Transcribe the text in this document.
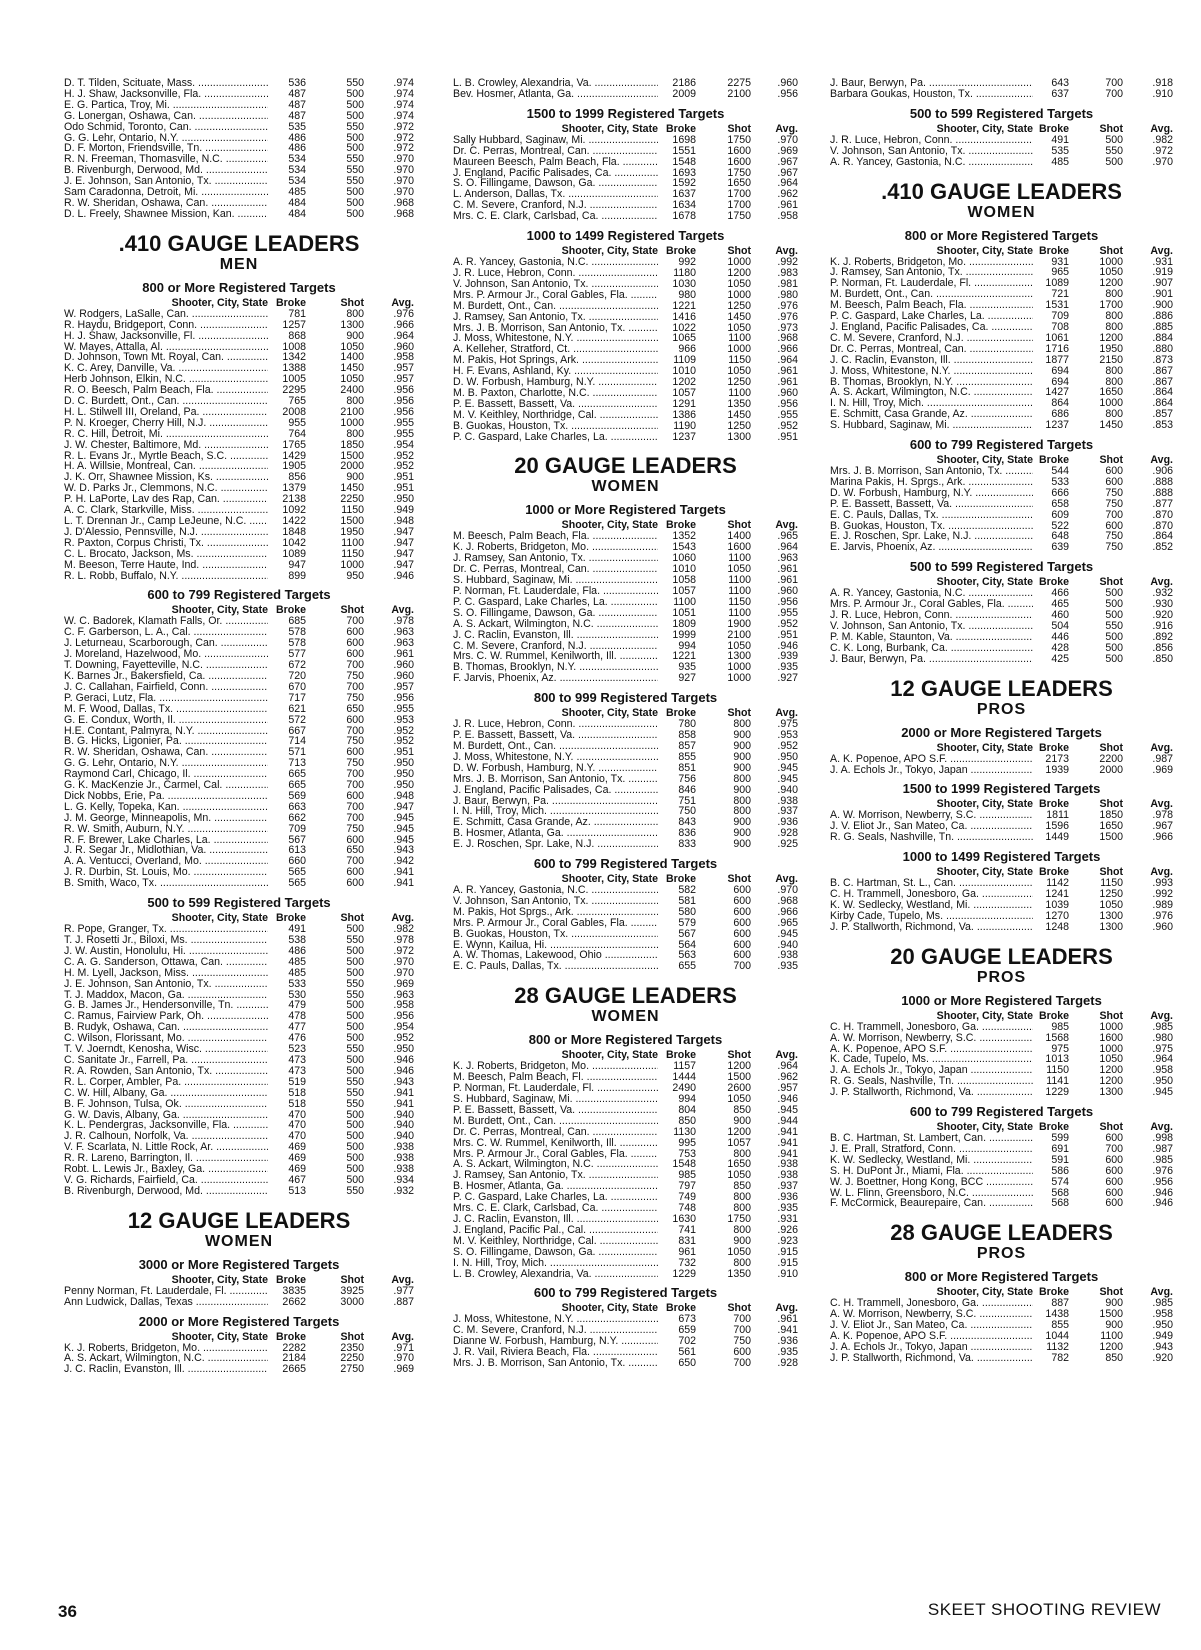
D. T. Tilden, Scituate, Mass. .....	536	550	.974
H. J. Shaw, Jacksonville, Fla. .....	487	500	.974
E. G. Partica, Troy, Mi. .....	487	500	.974
G. Lonergan, Oshawa, Can. .....	487	500	.974
Odo Schmid, Toronto, Can. .....	535	550	.972
G. G. Lehr, Ontario, N.Y. .....	486	500	.972
D. F. Morton, Friendsville, Tn. .....	486	500	.972
R. N. Freeman, Thomasville, N.C. .....	534	550	.970
B. Rivenburgh, Derwood, Md. .....	534	550	.970
J. E. Johnson, San Antonio, Tx. .....	534	550	.970
Sam Caradonna, Detroit, Mi. .....	485	500	.970
R. W. Sheridan, Oshawa, Can. .....	484	500	.968
D. L. Freely, Shawnee Mission, Kan. .....	484	500	.968
.410 GAUGE LEADERS
MEN
800 or More Registered Targets
Shooter, City, State Broke	Shot	Avg.
W. Rodgers, LaSalle, Can. .....	781	800	.976
R. Haydu, Bridgeport, Conn. .....	1257	1300	.966
H. J. Shaw, Jacksonville, Fl. .....	868	900	.964
W. Mayes, Attalla, Al. .....	1008	1050	.960
D. Johnson, Town Mt. Royal, Can. .....	1342	1400	.958
K. C. Arey, Danville, Va. .....	1388	1450	.957
Herb Johnson, Elkin, N.C. .....	1005	1050	.957
R. O. Beesch, Palm Beach, Fla. .....	2295	2400	.956
D. C. Burdett, Ont., Can. .....	765	800	.956
H. L. Stilwell III, Oreland, Pa. .....	2008	2100	.956
P. N. Kroeger, Cherry Hill, N.J. .....	955	1000	.955
R. C. Hill, Detroit, Mi. .....	764	800	.955
J. W. Chester, Baltimore, Md. .....	1765	1850	.954
R. L. Evans Jr., Myrtle Beach, S.C. .....	1429	1500	.952
H. A. Willsie, Montreal, Can. .....	1905	2000	.952
J. K. Orr, Shawnee Mission, Ks. .....	856	900	.951
W. D. Parks Jr., Clemmons, N.C. .....	1379	1450	.951
P. H. LaPorte, Lav des Rap, Can. .....	2138	2250	.950
A. C. Clark, Starkville, Miss. .....	1092	1150	.949
L. T. Drennan Jr., Camp LeJeune, N.C. .....	1422	1500	.948
J. D'Alessio, Pennsville, N.J. .....	1848	1950	.947
R. Paxton, Corpus Christi, Tx. .....	1042	1100	.947
C. L. Brocato, Jackson, Ms. .....	1089	1150	.947
M. Beeson, Terre Haute, Ind. .....	947	1000	.947
R. L. Robb, Buffalo, N.Y. .....	899	950	.946
600 to 799 Registered Targets
Shooter, City, State Broke	Shot	Avg.
W. C. Badorek, Klamath Falls, Or. .....	685	700	.978
C. F. Garberson, L. A., Cal. .....	578	600	.963
J. Leturneau, Scarborough, Can. .....	578	600	.963
J. Moreland, Hazelwood, Mo. .....	577	600	.961
T. Downing, Fayetteville, N.C. .....	672	700	.960
K. Barnes Jr., Bakersfield, Ca. .....	720	750	.960
J. C. Callahan, Fairfield, Conn. .....	670	700	.957
P. Geraci, Lutz, Fla. .....	717	750	.956
M. F. Wood, Dallas, Tx. .....	621	650	.955
G. E. Condux, Worth, Il. .....	572	600	.953
H.E. Contant, Palmyra, N.Y. .....	667	700	.952
B. G. Hicks, Ligonier, Pa. .....	714	750	.952
R. W. Sheridan, Oshawa, Can. .....	571	600	.951
G. G. Lehr, Ontario, N.Y. .....	713	750	.950
Raymond Carl, Chicago, Il. .....	665	700	.950
G. K. MacKenzie Jr., Carmel, Cal. .....	665	700	.950
Dick Nobbs, Erie, Pa. .....	569	600	.948
L. G. Kelly, Topeka, Kan. .....	663	700	.947
J. M. George, Minneapolis, Mn. .....	662	700	.945
R. W. Smith, Auburn, N.Y. .....	709	750	.945
R. F. Brewer, Lake Charles, La. .....	567	600	.945
J. R. Segar Jr., Midlothian, Va. .....	613	650	.943
A. A. Ventucci, Overland, Mo. .....	660	700	.942
J. R. Durbin, St. Louis, Mo. .....	565	600	.941
B. Smith, Waco, Tx. .....	565	600	.941
500 to 599 Registered Targets
Shooter, City, State Broke	Shot	Avg.
R. Pope, Granger, Tx. .....	491	500	.982
T. J. Rosetti Jr., Biloxi, Ms. .....	538	550	.978
J. W. Austin, Honolulu, Hi. .....	486	500	.972
C. A. G. Sanderson, Ottawa, Can. .....	485	500	.970
H. M. Lyell, Jackson, Miss. .....	485	500	.970
J. E. Johnson, San Antonio, Tx. .....	533	550	.969
T. J. Maddox, Macon, Ga. .....	530	550	.963
G. B. James Jr., Hendersonville, Tn. .....	479	500	.958
C. Ramus, Fairview Park, Oh. .....	478	500	.956
B. Rudyk, Oshawa, Can. .....	477	500	.954
C. Wilson, Florissant, Mo. .....	476	500	.952
T. V. Joerndt, Kenosha, Wisc. .....	523	550	.950
C. Sanitate Jr., Farrell, Pa. .....	473	500	.946
R. A. Rowden, San Antonio, Tx. .....	473	500	.946
R. L. Corper, Ambler, Pa. .....	519	550	.943
C. W. Hill, Albany, Ga. .....	518	550	.941
B. F. Johnson, Tulsa, Ok. .....	518	550	.941
G. W. Davis, Albany, Ga. .....	470	500	.940
K. L. Pendergras, Jacksonville, Fla. .....	470	500	.940
J. R. Calhoun, Norfolk, Va. .....	470	500	.940
V. F. Scarlata, N. Little Rock, Ar. .....	469	500	.938
R. R. Lareno, Barrington, Il. .....	469	500	.938
Robt. L. Lewis Jr., Baxley, Ga. .....	469	500	.938
V. G. Richards, Fairfield, Ca. .....	467	500	.934
B. Rivenburgh, Derwood, Md. .....	513	550	.932
12 GAUGE LEADERS
WOMEN
3000 or More Registered Targets
Shooter, City, State Broke	Shot	Avg.
Penny Norman, Ft. Lauderdale, Fl. .....	3835	3925	.977
Ann Ludwick, Dallas, Texas .....	2662	3000	.887
2000 or More Registered Targets
Shooter, City, State Broke	Shot	Avg.
K. J. Roberts, Bridgeton, Mo. .....	2282	2350	.971
A. S. Ackart, Wilmington, N.C. .....	2184	2250	.970
J. C. Raclin, Evanston, Ill. .....	2665	2750	.969
L. B. Crowley, Alexandria, Va. .....	2186	2275	.960
Bev. Hosmer, Atlanta, Ga. .....	2009	2100	.956
1500 to 1999 Registered Targets
Shooter, City, State Broke	Shot	Avg.
Sally Hubbard, Saginaw, Mi. .....	1698	1750	.970
Dr. C. Perras, Montreal, Can. .....	1551	1600	.969
Maureen Beesch, Palm Beach, Fla. .....	1548	1600	.967
J. England, Pacific Palisades, Ca. .....	1693	1750	.967
S. O. Fillingame, Dawson, Ga. .....	1592	1650	.964
L. Anderson, Dallas, Tx. .....	1637	1700	.962
C. M. Severe, Cranford, N.J. .....	1634	1700	.961
Mrs. C. E. Clark, Carlsbad, Ca. .....	1678	1750	.958
1000 to 1499 Registered Targets
Shooter, City, State Broke	Shot	Avg.
A. R. Yancey, Gastonia, N.C. .....	992	1000	.992
J. R. Luce, Hebron, Conn. .....	1180	1200	.983
V. Johnson, San Antonio, Tx. .....	1030	1050	.981
Mrs. P. Armour Jr., Coral Gables, Fla. .....	980	1000	.980
M. Burdett, Ont., Can. .....	1221	1250	.976
J. Ramsey, San Antonio, Tx. .....	1416	1450	.976
Mrs. J. B. Morrison, San Antonio, Tx. .....	1022	1050	.973
J. Moss, Whitestone, N.Y. .....	1065	1100	.968
A. Kelleher, Stratford, Ct. .....	966	1000	.966
M. Pakis, Hot Springs, Ark. .....	1109	1150	.964
H. F. Evans, Ashland, Ky. .....	1010	1050	.961
D. W. Forbush, Hamburg, N.Y. .....	1202	1250	.961
M. B. Paxton, Charlotte, N.C. .....	1057	1100	.960
P. E. Bassett, Bassett, Va. .....	1291	1350	.956
M. V. Keithley, Northridge, Cal. .....	1386	1450	.955
B. Guokas, Houston, Tx. .....	1190	1250	.952
P. C. Gaspard, Lake Charles, La. .....	1237	1300	.951
20 GAUGE LEADERS
WOMEN
1000 or More Registered Targets
Shooter, City, State Broke	Shot	Avg.
M. Beesch, Palm Beach, Fla. .....	1352	1400	.965
K. J. Roberts, Bridgeton, Mo. .....	1543	1600	.964
J. Ramsey, San Antonio, Tx. .....	1060	1100	.963
Dr. C. Perras, Montreal, Can. .....	1010	1050	.961
S. Hubbard, Saginaw, Mi. .....	1058	1100	.961
P. Norman, Ft. Lauderdale, Fla. .....	1057	1100	.960
P. C. Gaspard, Lake Charles, La. .....	1100	1150	.956
S. O. Fillingame, Dawson, Ga. .....	1051	1100	.955
A. S. Ackart, Wilmington, N.C. .....	1809	1900	.952
J. C. Raclin, Evanston, Ill. .....	1999	2100	.951
C. M. Severe, Cranford, N.J. .....	994	1050	.946
Mrs. C. W. Rummel, Kenilworth, Ill. .....	1221	1300	.939
B. Thomas, Brooklyn, N.Y. .....	935	1000	.935
F. Jarvis, Phoenix, Az. .....	927	1000	.927
800 to 999 Registered Targets
Shooter, City, State Broke	Shot	Avg.
J. R. Luce, Hebron, Conn. .....	780	800	.975
P. E. Bassett, Bassett, Va. .....	858	900	.953
M. Burdett, Ont., Can. .....	857	900	.952
J. Moss, Whitestone, N.Y. .....	855	900	.950
D. W. Forbush, Hamburg, N.Y. .....	851	900	.945
Mrs. J. B. Morrison, San Antonio, Tx. .....	756	800	.945
J. England, Pacific Palisades, Ca. .....	846	900	.940
J. Baur, Berwyn, Pa. .....	751	800	.938
I. N. Hill, Troy, Mich. .....	750	800	.937
E. Schmitt, Casa Grande, Az. .....	843	900	.936
B. Hosmer, Atlanta, Ga. .....	836	900	.928
E. J. Roschen, Spr. Lake, N.J. .....	833	900	.925
600 to 799 Registered Targets
Shooter, City, State Broke	Shot	Avg.
A. R. Yancey, Gastonia, N.C. .....	582	600	.970
V. Johnson, San Antonio, Tx. .....	581	600	.968
M. Pakis, Hot Sprgs., Ark. .....	580	600	.966
Mrs. P. Armour Jr., Coral Gables, Fla. .....	579	600	.965
B. Guokas, Houston, Tx. .....	567	600	.945
E. Wynn, Kailua, Hi. .....	564	600	.940
A. W. Thomas, Lakewood, Ohio .....	563	600	.938
E. C. Pauls, Dallas, Tx. .....	655	700	.935
28 GAUGE LEADERS
WOMEN
800 or More Registered Targets
Shooter, City, State Broke	Shot	Avg.
K. J. Roberts, Bridgeton, Mo. .....	1157	1200	.964
M. Beesch, Palm Beach, Fl. .....	1444	1500	.962
P. Norman, Ft. Lauderdale, Fl. .....	2490	2600	.957
S. Hubbard, Saginaw, Mi. .....	994	1050	.946
P. E. Bassett, Bassett, Va. .....	804	850	.945
M. Burdett, Ont., Can. .....	850	900	.944
Dr. C. Perras, Montreal, Can. .....	1130	1200	.941
Mrs. C. W. Rummel, Kenilworth, Ill. .....	995	1057	.941
Mrs. P. Armour Jr., Coral Gables, Fla. .....	753	800	.941
A. S. Ackart, Wilmington, N.C. .....	1548	1650	.938
J. Ramsey, San Antonio, Tx. .....	985	1050	.938
B. Hosmer, Atlanta, Ga. .....	797	850	.937
P. C. Gaspard, Lake Charles, La. .....	749	800	.936
Mrs. C. E. Clark, Carlsbad, Ca. .....	748	800	.935
J. C. Raclin, Evanston, Ill. .....	1630	1750	.931
J. England, Pacific Pal., Cal. .....	741	800	.926
M. V. Keithley, Northridge, Cal. .....	831	900	.923
S. O. Fillingame, Dawson, Ga. .....	961	1050	.915
I. N. Hill, Troy, Mich. .....	732	800	.915
L. B. Crowley, Alexandria, Va. .....	1229	1350	.910
600 to 799 Registered Targets
Shooter, City, State Broke	Shot	Avg.
J. Moss, Whitestone, N.Y. .....	673	700	.961
C. M. Severe, Cranford, N.J. .....	659	700	.941
Dianne W. Forbush, Hamburg, N.Y. .....	702	750	.936
J. R. Vail, Riviera Beach, Fla. .....	561	600	.935
Mrs. J. B. Morrison, San Antonio, Tx. .....	650	700	.928
J. Baur, Berwyn, Pa. .....	643	700	.918
Barbara Goukas, Houston, Tx. .....	637	700	.910
500 to 599 Registered Targets
Shooter, City, State Broke	Shot	Avg.
J. R. Luce, Hebron, Conn. .....	491	500	.982
V. Johnson, San Antonio, Tx. .....	535	550	.972
A. R. Yancey, Gastonia, N.C. .....	485	500	.970
.410 GAUGE LEADERS
WOMEN
800 or More Registered Targets
Shooter, City, State Broke	Shot	Avg.
K. J. Roberts, Bridgeton, Mo. .....	931	1000	.931
J. Ramsey, San Antonio, Tx. .....	965	1050	.919
P. Norman, Ft. Lauderdale, Fl. .....	1089	1200	.907
M. Burdett, Ont., Can. .....	721	800	.901
M. Beesch, Palm Beach, Fla. .....	1531	1700	.900
P. C. Gaspard, Lake Charles, La. .....	709	800	.886
J. England, Pacific Palisades, Ca. .....	708	800	.885
C. M. Severe, Cranford, N.J. .....	1061	1200	.884
Dr. C. Perras, Montreal, Can. .....	1716	1950	.880
J. C. Raclin, Evanston, Ill. .....	1877	2150	.873
J. Moss, Whitestone, N.Y. .....	694	800	.867
B. Thomas, Brooklyn, N.Y. .....	694	800	.867
A. S. Ackart, Wilmington, N.C. .....	1427	1650	.864
I. N. Hill, Troy, Mich. .....	864	1000	.864
E. Schmitt, Casa Grande, Az. .....	686	800	.857
S. Hubbard, Saginaw, Mi. .....	1237	1450	.853
600 to 799 Registered Targets
Shooter, City, State Broke	Shot	Avg.
Mrs. J. B. Morrison, San Antonio, Tx. .....	544	600	.906
Marina Pakis, H. Sprgs., Ark. .....	533	600	.888
D. W. Forbush, Hamburg, N.Y. .....	666	750	.888
P. E. Bassett, Bassett, Va. .....	658	750	.877
E. C. Pauls, Dallas, Tx. .....	609	700	.870
B. Guokas, Houston, Tx. .....	522	600	.870
E. J. Roschen, Spr. Lake, N.J. .....	648	750	.864
E. Jarvis, Phoenix, Az. .....	639	750	.852
500 to 599 Registered Targets
Shooter, City, State Broke	Shot	Avg.
A. R. Yancey, Gastonia, N.C. .....	466	500	.932
Mrs. P. Armour Jr., Coral Gables, Fla. .....	465	500	.930
J. R. Luce, Hebron, Conn. .....	460	500	.920
V. Johnson, San Antonio, Tx. .....	504	550	.916
P. M. Kable, Staunton, Va. .....	446	500	.892
C. K. Long, Burbank, Ca. .....	428	500	.856
J. Baur, Berwyn, Pa. .....	425	500	.850
12 GAUGE LEADERS
PROS
2000 or More Registered Targets
Shooter, City, State Broke	Shot	Avg.
A. K. Popenoe, APO S.F. .....	2173	2200	.987
J. A. Echols Jr., Tokyo, Japan .....	1939	2000	.969
1500 to 1999 Registered Targets
Shooter, City, State Broke	Shot	Avg.
A. W. Morrison, Newberry, S.C. .....	1811	1850	.978
J. V. Eliot Jr., San Mateo, Ca. .....	1596	1650	.967
R. G. Seals, Nashville, Tn. .....	1449	1500	.966
1000 to 1499 Registered Targets
Shooter, City, State Broke	Shot	Avg.
B. C. Hartman, St. L., Can. .....	1142	1150	.993
C. H. Trammell, Jonesboro, Ga. .....	1241	1250	.992
K. W. Sedlecky, Westland, Mi. .....	1039	1050	.989
Kirby Cade, Tupelo, Ms. .....	1270	1300	.976
J. P. Stallworth, Richmond, Va. .....	1248	1300	.960
20 GAUGE LEADERS
PROS
1000 or More Registered Targets
Shooter, City, State Broke	Shot	Avg.
C. H. Trammell, Jonesboro, Ga. .....	985	1000	.985
A. W. Morrison, Newberry, S.C. .....	1568	1600	.980
A. K. Popenoe, APO S.F. .....	975	1000	.975
K. Cade, Tupelo, Ms. .....	1013	1050	.964
J. A. Echols Jr., Tokyo, Japan .....	1150	1200	.958
R. G. Seals, Nashville, Tn. .....	1141	1200	.950
J. P. Stallworth, Richmond, Va. .....	1229	1300	.945
600 to 799 Registered Targets
Shooter, City, State Broke	Shot	Avg.
B. C. Hartman, St. Lambert, Can. .....	599	600	.998
J. E. Prall, Stratford, Conn. .....	691	700	.987
K. W. Sedlecky, Westland, Mi. .....	591	600	.985
S. H. DuPont Jr., Miami, Fla. .....	586	600	.976
W. J. Boettner, Hong Kong, BCC .....	574	600	.956
W. L. Flinn, Greensboro, N.C. .....	568	600	.946
F. McCormick, Beaurepaire, Can. .....	568	600	.946
28 GAUGE LEADERS
PROS
800 or More Registered Targets
Shooter, City, State Broke	Shot	Avg.
C. H. Trammell, Jonesboro, Ga. .....	887	900	.985
A. W. Morrison, Newberry, S.C. .....	1438	1500	.958
J. V. Eliot Jr., San Mateo, Ca. .....	855	900	.950
A. K. Popenoe, APO S.F. .....	1044	1100	.949
J. A. Echols Jr., Tokyo, Japan .....	1132	1200	.943
J. P. Stallworth, Richmond, Va. .....	782	850	.920
36	SKEET SHOOTING REVIEW
